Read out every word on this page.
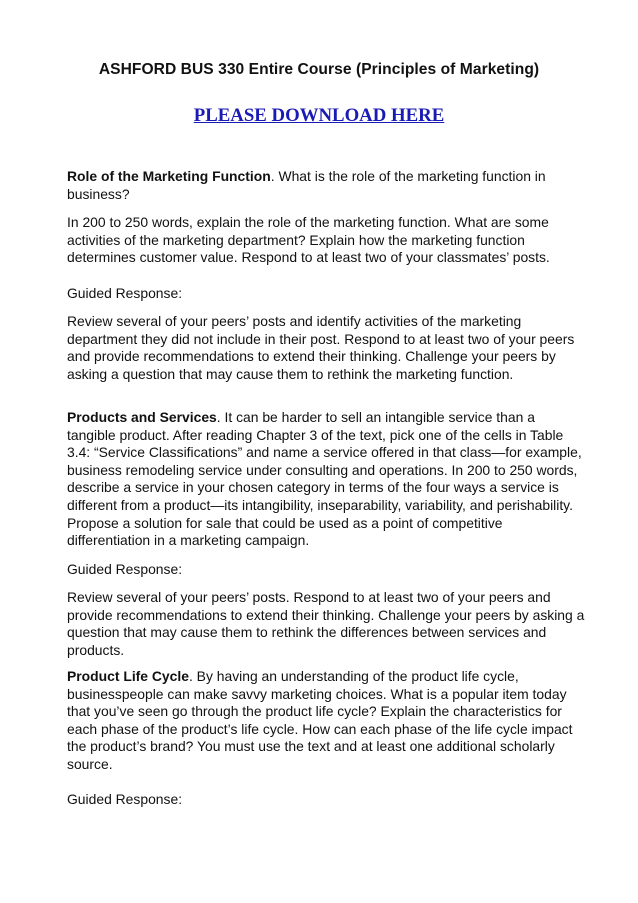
ASHFORD BUS 330 Entire Course (Principles of Marketing)
PLEASE DOWNLOAD HERE

Role of the Marketing Function. What is the role of the marketing function in business?

In 200 to 250 words, explain the role of the marketing function. What are some activities of the marketing department? Explain how the marketing function determines customer value. Respond to at least two of your classmates’ posts.

Guided Response:

Review several of your peers’ posts and identify activities of the marketing department they did not include in their post. Respond to at least two of your peers and provide recommendations to extend their thinking. Challenge your peers by asking a question that may cause them to rethink the marketing function.

Products and Services. It can be harder to sell an intangible service than a tangible product. After reading Chapter 3 of the text, pick one of the cells in Table 3.4: “Service Classifications” and name a service offered in that class—for example, business remodeling service under consulting and operations. In 200 to 250 words, describe a service in your chosen category in terms of the four ways a service is different from a product—its intangibility, inseparability, variability, and perishability. Propose a solution for sale that could be used as a point of competitive differentiation in a marketing campaign.

Guided Response:

Review several of your peers’ posts. Respond to at least two of your peers and provide recommendations to extend their thinking. Challenge your peers by asking a question that may cause them to rethink the differences between services and products.

Product Life Cycle. By having an understanding of the product life cycle, businesspeople can make savvy marketing choices. What is a popular item today that you’ve seen go through the product life cycle? Explain the characteristics for each phase of the product’s life cycle. How can each phase of the life cycle impact the product’s brand? You must use the text and at least one additional scholarly source.

Guided Response:
